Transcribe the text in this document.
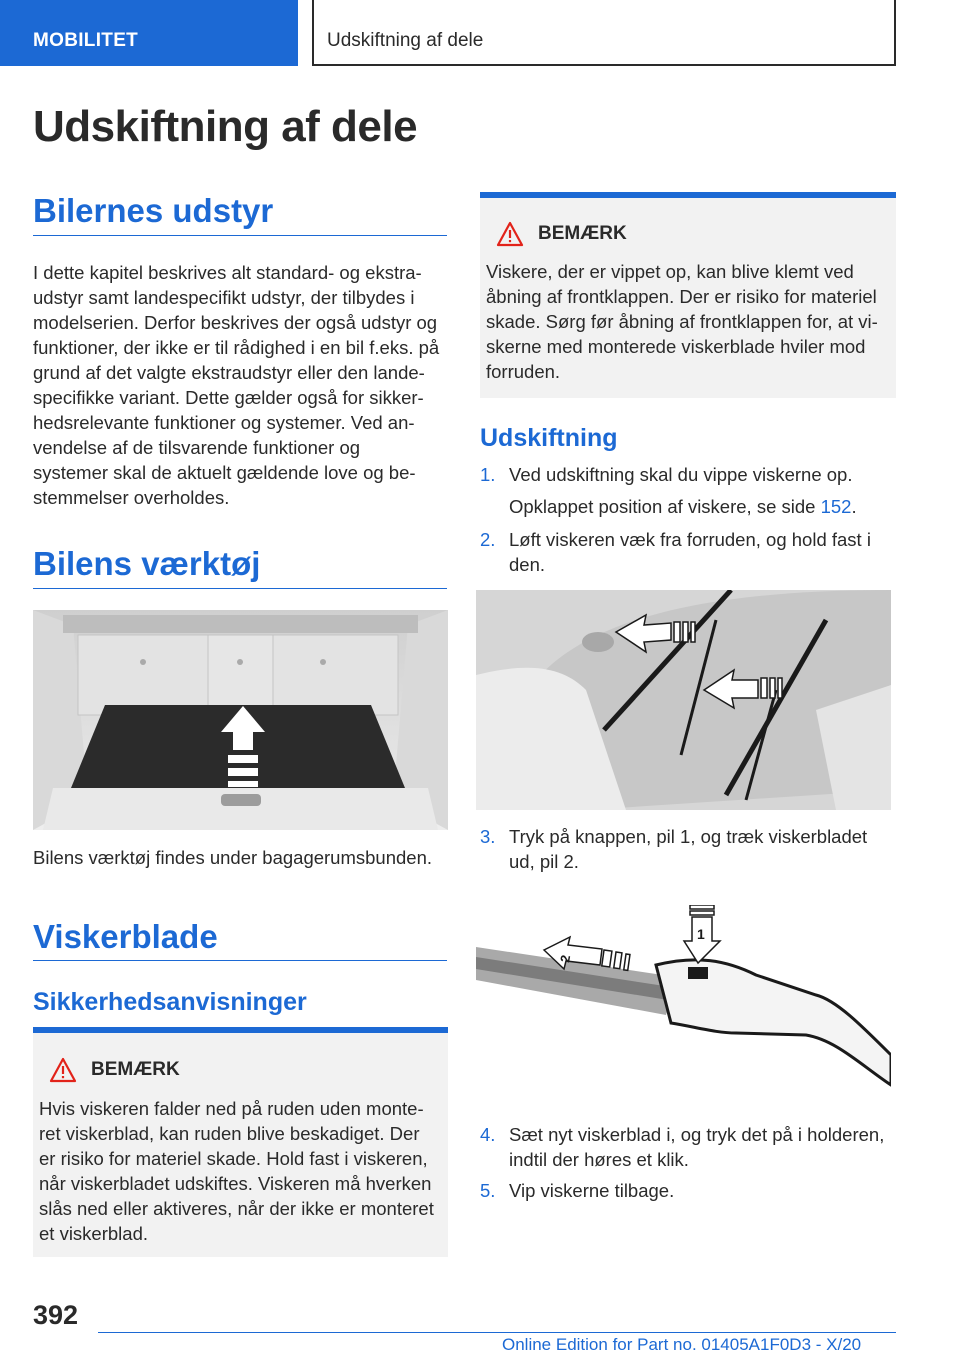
MOBILITET	Udskiftning af dele
Udskiftning af dele
Bilernes udstyr
I dette kapitel beskrives alt standard- og ekstra-
udstyr samt landespecifikt udstyr, der tilbydes i
modelserien. Derfor beskrives der også udstyr og
funktioner, der ikke er til rådighed i en bil f.eks. på
grund af det valgte ekstraudstyr eller den lande-
specifikke variant. Dette gælder også for sikker-
hedsrelevante funktioner og systemer. Ved an-
vendelse af de tilsvarende funktioner og
systemer skal de aktuelt gældende love og be-
stemmelser overholdes.
Bilens værktøj
Bilens værktøj findes under bagagerumsbunden.
Viskerblade
Sikkerhedsanvisninger
BEMÆRK
Hvis viskeren falder ned på ruden uden monte-
ret viskerblad, kan ruden blive beskadiget. Der
er risiko for materiel skade. Hold fast i viskeren,
når viskerbladet udskiftes. Viskeren må hverken
slås ned eller aktiveres, når der ikke er monteret
et viskerblad.
BEMÆRK
Viskere, der er vippet op, kan blive klemt ved
åbning af frontklappen. Der er risiko for materiel
skade. Sørg før åbning af frontklappen for, at vi-
skerne med monterede viskerblade hviler mod
forruden.
Udskiftning
1. Ved udskiftning skal du vippe viskerne op.
Opklappet position af viskere, se side 152.
2. Løft viskeren væk fra forruden, og hold fast i
den.
3. Tryk på knappen, pil 1, og træk viskerbladet
ud, pil 2.
2
1
4. Sæt nyt viskerblad i, og tryk det på i holderen,
indtil der høres et klik.
5. Vip viskerne tilbage.
392
Online Edition for Part no. 01405A1F0D3 - X/20
